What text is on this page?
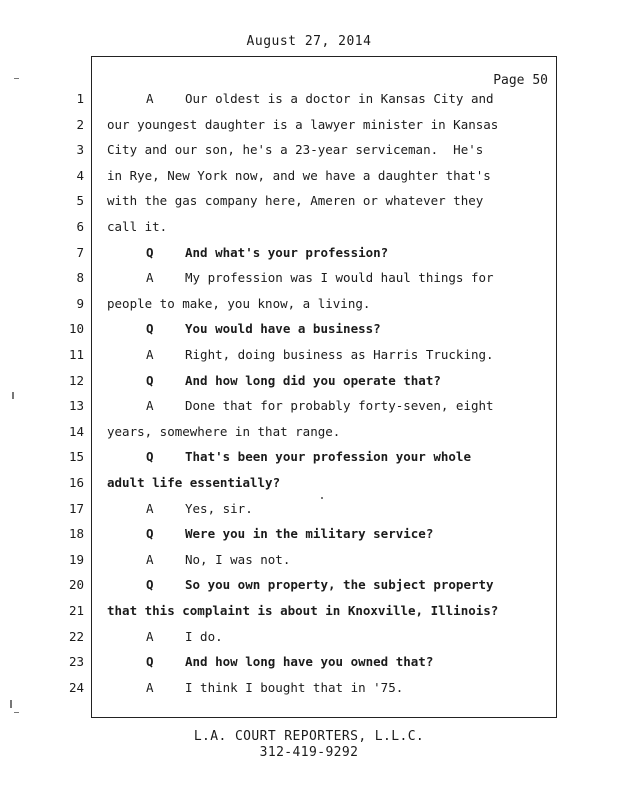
August 27, 2014
Page 50
1	A	Our oldest is a doctor in Kansas City and
2 our youngest daughter is a lawyer minister in Kansas
3 City and our son, he's a 23-year serviceman.  He's
4 in Rye, New York now, and we have a daughter that's
5 with the gas company here, Ameren or whatever they
6 call it.
7	Q	And what's your profession?
8	A	My profession was I would haul things for
9 people to make, you know, a living.
10	Q	You would have a business?
11	A	Right, doing business as Harris Trucking.
12	Q	And how long did you operate that?
13	A	Done that for probably forty-seven, eight
14 years, somewhere in that range.
15	Q	That's been your profession your whole
16 adult life essentially?
17	A	Yes, sir.
18	Q	Were you in the military service?
19	A	No, I was not.
20	Q	So you own property, the subject property
21 that this complaint is about in Knoxville, Illinois?
22	A	I do.
23	Q	And how long have you owned that?
24	A	I think I bought that in '75.
L.A. COURT REPORTERS, L.L.C.
312-419-9292
